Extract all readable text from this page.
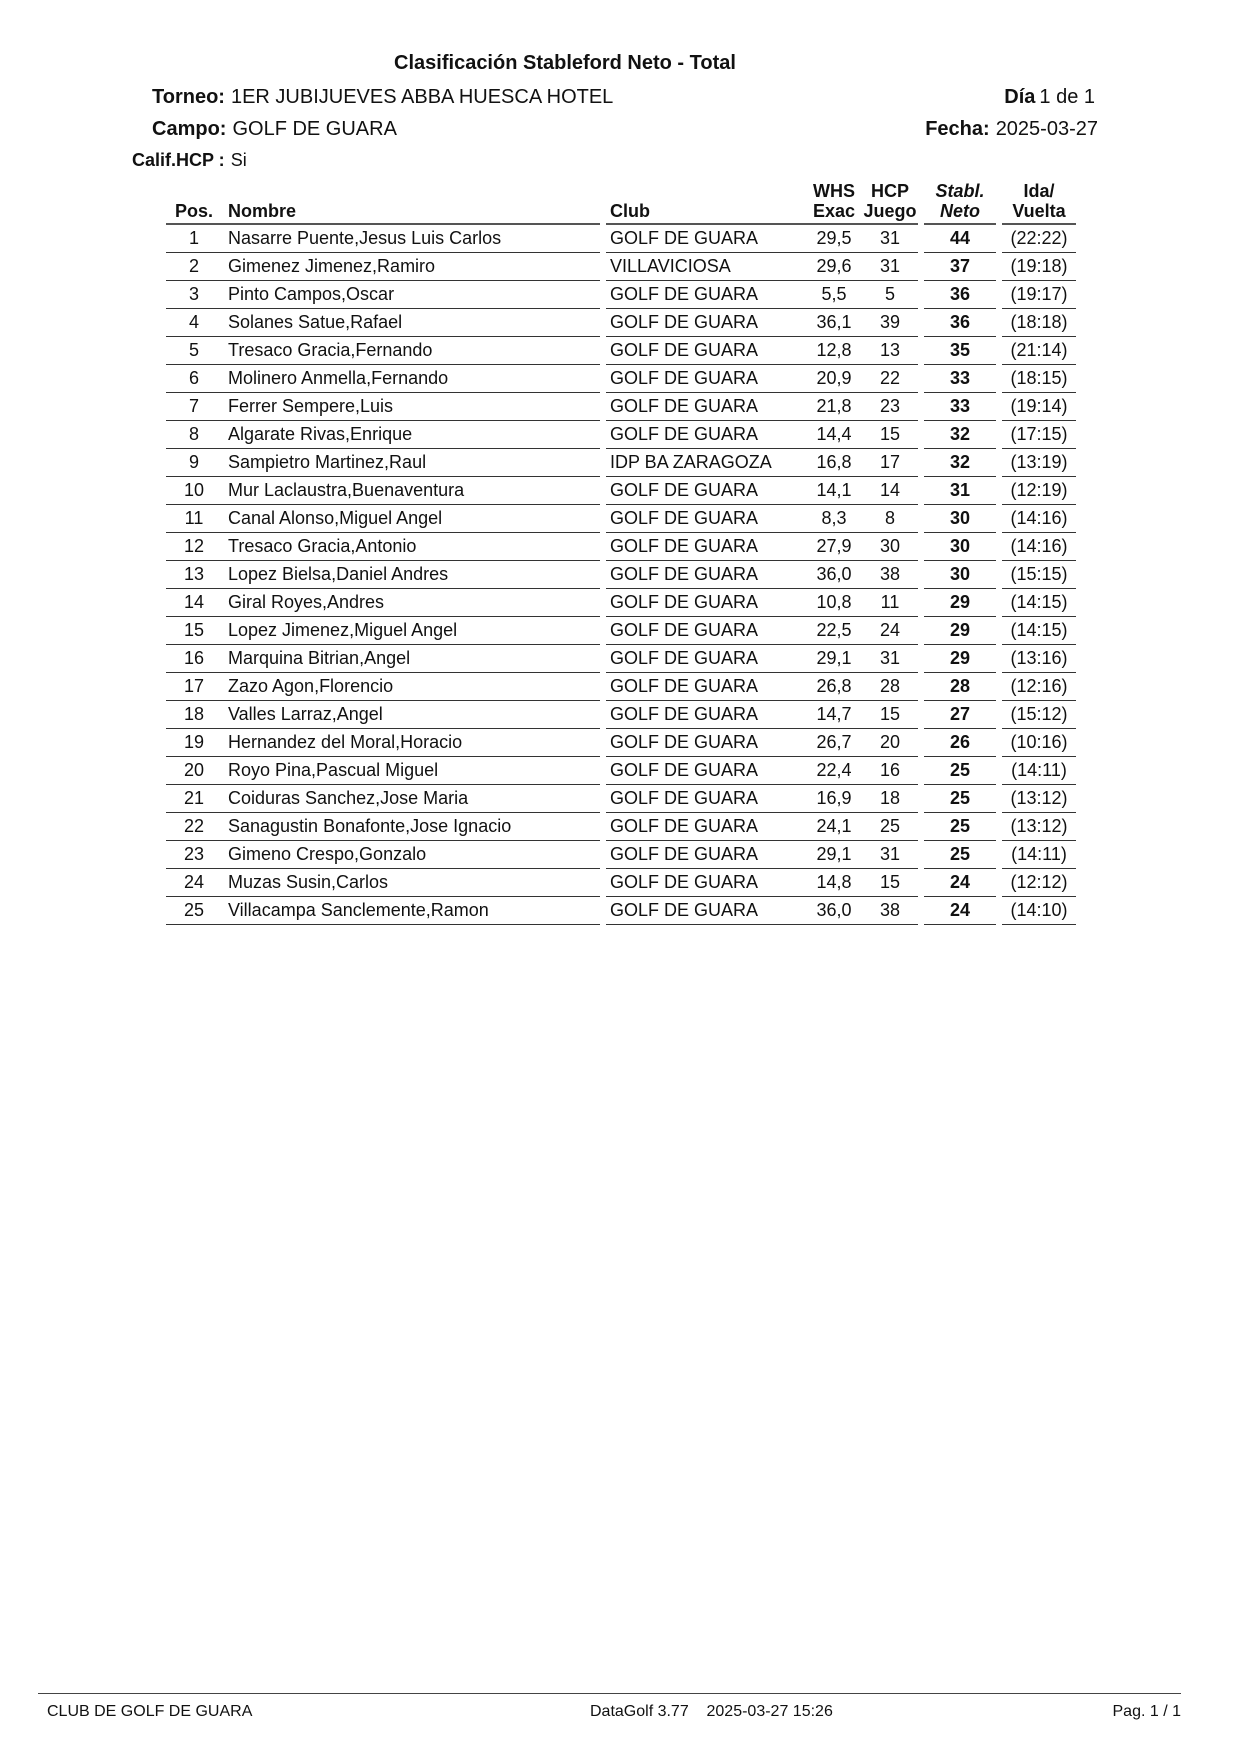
Clasificación Stableford Neto - Total
Torneo: 1ER JUBIJUEVES ABBA HUESCA HOTEL
Campo: GOLF DE GUARA
Calif.HCP : Si
Día 1 de 1
Fecha: 2025-03-27
Pos.	Nombre		Club	WHS
Exac	HCP
Juego		Stabl.
Neto		Ida/
Vuelta
1	Nasarre Puente,Jesus Luis Carlos		GOLF DE GUARA	29,5	31		44		(22:22)
2	Gimenez Jimenez,Ramiro		VILLAVICIOSA	29,6	31		37		(19:18)
3	Pinto Campos,Oscar		GOLF DE GUARA	5,5	5		36		(19:17)
4	Solanes Satue,Rafael		GOLF DE GUARA	36,1	39		36		(18:18)
5	Tresaco Gracia,Fernando		GOLF DE GUARA	12,8	13		35		(21:14)
6	Molinero Anmella,Fernando		GOLF DE GUARA	20,9	22		33		(18:15)
7	Ferrer Sempere,Luis		GOLF DE GUARA	21,8	23		33		(19:14)
8	Algarate Rivas,Enrique		GOLF DE GUARA	14,4	15		32		(17:15)
9	Sampietro Martinez,Raul		IDP BA ZARAGOZA	16,8	17		32		(13:19)
10	Mur Laclaustra,Buenaventura		GOLF DE GUARA	14,1	14		31		(12:19)
11	Canal Alonso,Miguel Angel		GOLF DE GUARA	8,3	8		30		(14:16)
12	Tresaco Gracia,Antonio		GOLF DE GUARA	27,9	30		30		(14:16)
13	Lopez Bielsa,Daniel Andres		GOLF DE GUARA	36,0	38		30		(15:15)
14	Giral Royes,Andres		GOLF DE GUARA	10,8	11		29		(14:15)
15	Lopez Jimenez,Miguel Angel		GOLF DE GUARA	22,5	24		29		(14:15)
16	Marquina Bitrian,Angel		GOLF DE GUARA	29,1	31		29		(13:16)
17	Zazo Agon,Florencio		GOLF DE GUARA	26,8	28		28		(12:16)
18	Valles Larraz,Angel		GOLF DE GUARA	14,7	15		27		(15:12)
19	Hernandez del Moral,Horacio		GOLF DE GUARA	26,7	20		26		(10:16)
20	Royo Pina,Pascual Miguel		GOLF DE GUARA	22,4	16		25		(14:11)
21	Coiduras Sanchez,Jose Maria		GOLF DE GUARA	16,9	18		25		(13:12)
22	Sanagustin Bonafonte,Jose Ignacio		GOLF DE GUARA	24,1	25		25		(13:12)
23	Gimeno Crespo,Gonzalo		GOLF DE GUARA	29,1	31		25		(14:11)
24	Muzas Susin,Carlos		GOLF DE GUARA	14,8	15		24		(12:12)
25	Villacampa Sanclemente,Ramon		GOLF DE GUARA	36,0	38		24		(14:10)
CLUB DE GOLF DE GUARA	DataGolf 3.77    2025-03-27 15:26	Pag. 1 / 1
